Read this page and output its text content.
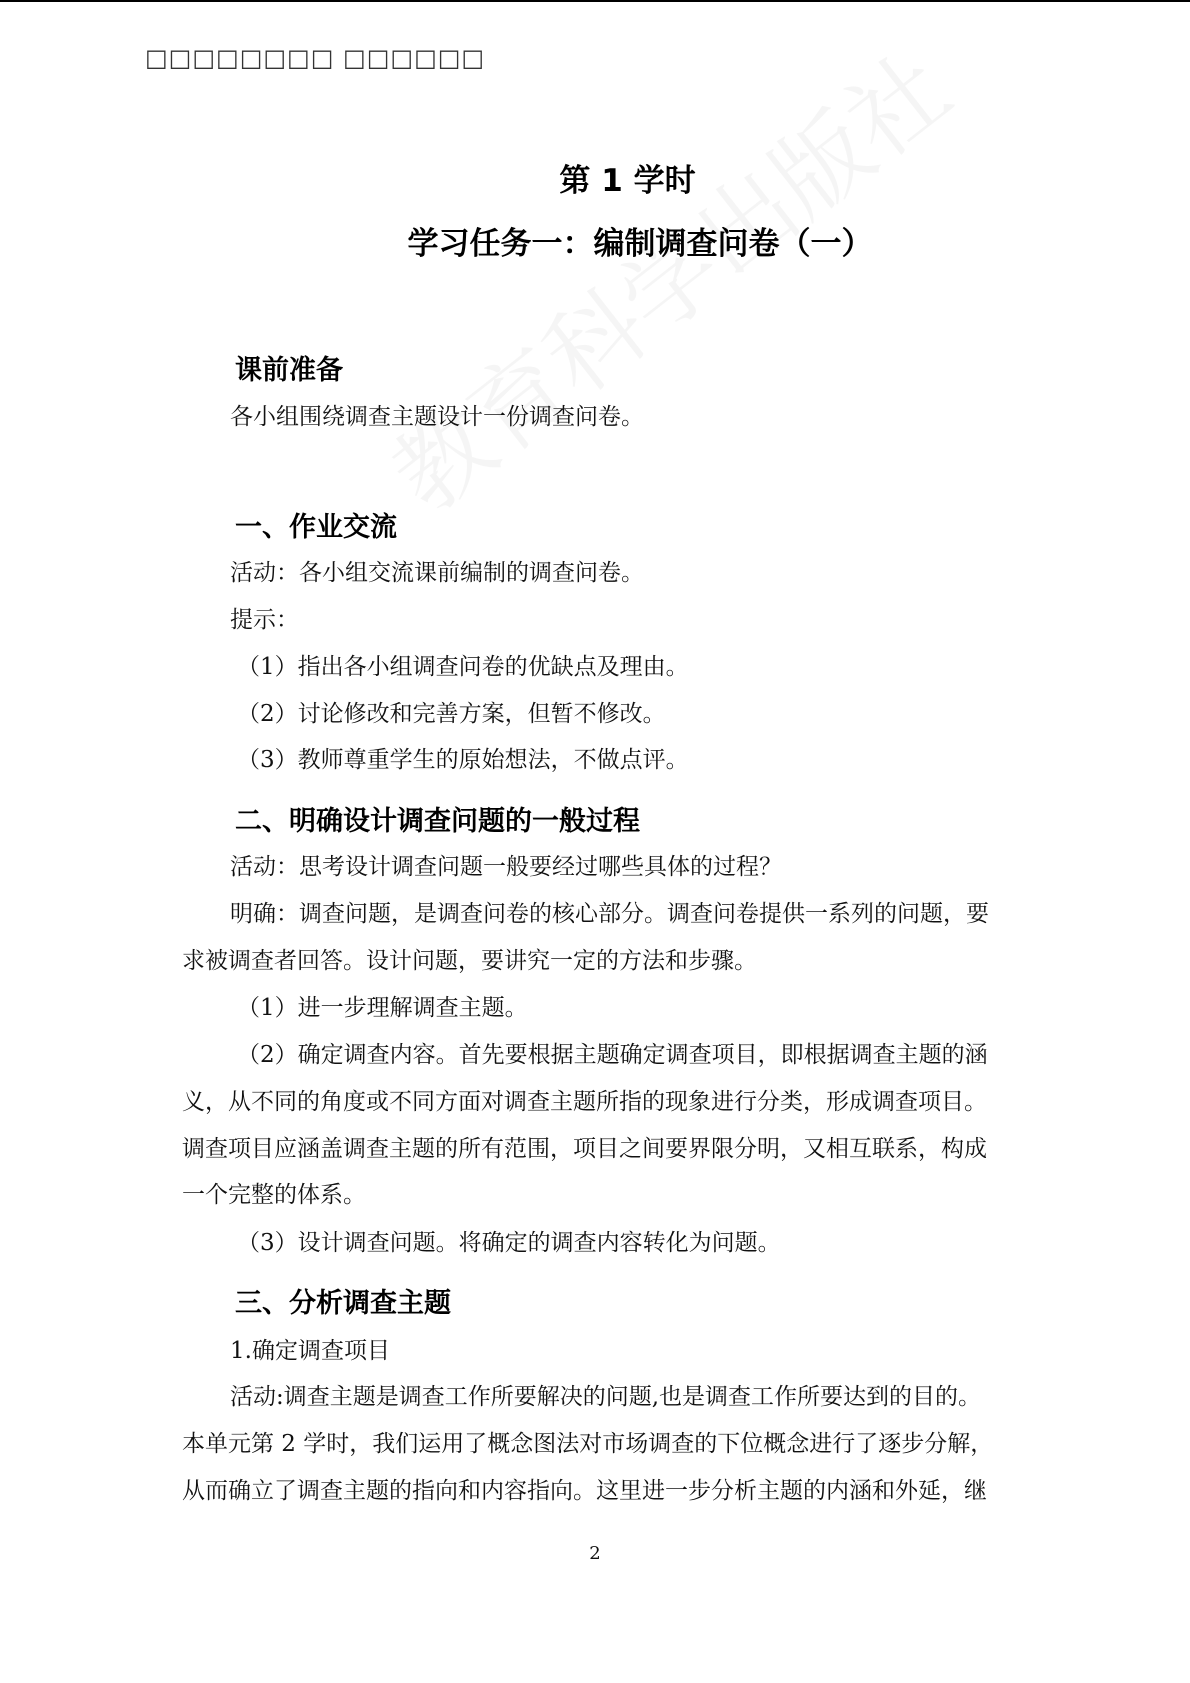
□□□□□□□□ □□□□□□
第 1 学时
学习任务一：编制调查问卷（一）
课前准备
各小组围绕调查主题设计一份调查问卷。
一、作业交流
活动：各小组交流课前编制的调查问卷。
提示：
（1）指出各小组调查问卷的优缺点及理由。
（2）讨论修改和完善方案，但暂不修改。
（3）教师尊重学生的原始想法，不做点评。
二、明确设计调查问题的一般过程
活动：思考设计调查问题一般要经过哪些具体的过程？
明确：调查问题，是调查问卷的核心部分。调查问卷提供一系列的问题，要
求被调查者回答。设计问题，要讲究一定的方法和步骤。
（1）进一步理解调查主题。
（2）确定调查内容。首先要根据主题确定调查项目，即根据调查主题的涵
义，从不同的角度或不同方面对调查主题所指的现象进行分类，形成调查项目。
调查项目应涵盖调查主题的所有范围，项目之间要界限分明，又相互联系，构成
一个完整的体系。
（3）设计调查问题。将确定的调查内容转化为问题。
三、分析调查主题
1.确定调查项目
活动:调查主题是调查工作所要解决的问题,也是调查工作所要达到的目的。
本单元第 2 学时，我们运用了概念图法对市场调查的下位概念进行了逐步分解，
从而确立了调查主题的指向和内容指向。这里进一步分析主题的内涵和外延，继
2
